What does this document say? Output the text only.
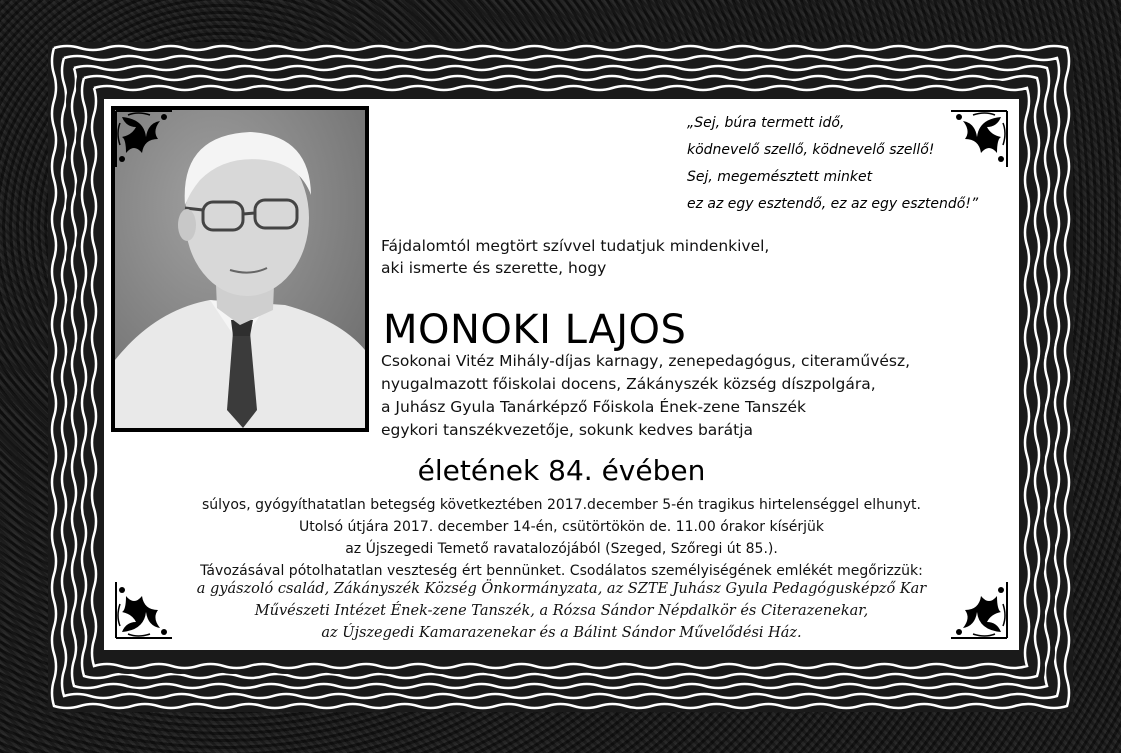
„Sej, búra termett idő,
ködnevelő szellő, ködnevelő szellő!
Sej, megemésztett minket
ez az egy esztendő, ez az egy esztendő!”
Fájdalomtól megtört szívvel tudatjuk mindenkivel,
aki ismerte és szerette, hogy
MONOKI LAJOS
Csokonai Vitéz Mihály-díjas karnagy, zenepedagógus, citeraművész,
nyugalmazott főiskolai docens, Zákányszék község díszpolgára,
a Juhász Gyula Tanárképző Főiskola Ének-zene Tanszék
egykori tanszékvezetője, sokunk kedves barátja
életének 84. évében
súlyos, gyógyíthatatlan betegség következtében 2017.december 5-én tragikus hirtelenséggel elhunyt.
Utolsó útjára 2017. december 14-én, csütörtökön de. 11.00 órakor kísérjük
az Újszegedi Temető ravatalozójából (Szeged, Szőregi út 85.).
Távozásával pótolhatatlan veszteség ért bennünket. Csodálatos személyiségének emlékét megőrizzük:
a gyászoló család, Zákányszék Község Önkormányzata, az SZTE Juhász Gyula Pedagógusképző Kar
Művészeti Intézet Ének-zene Tanszék, a Rózsa Sándor Népdalkör és Citerazenekar,
az Újszegedi Kamarazenekar és a Bálint Sándor Művelődési Ház.
